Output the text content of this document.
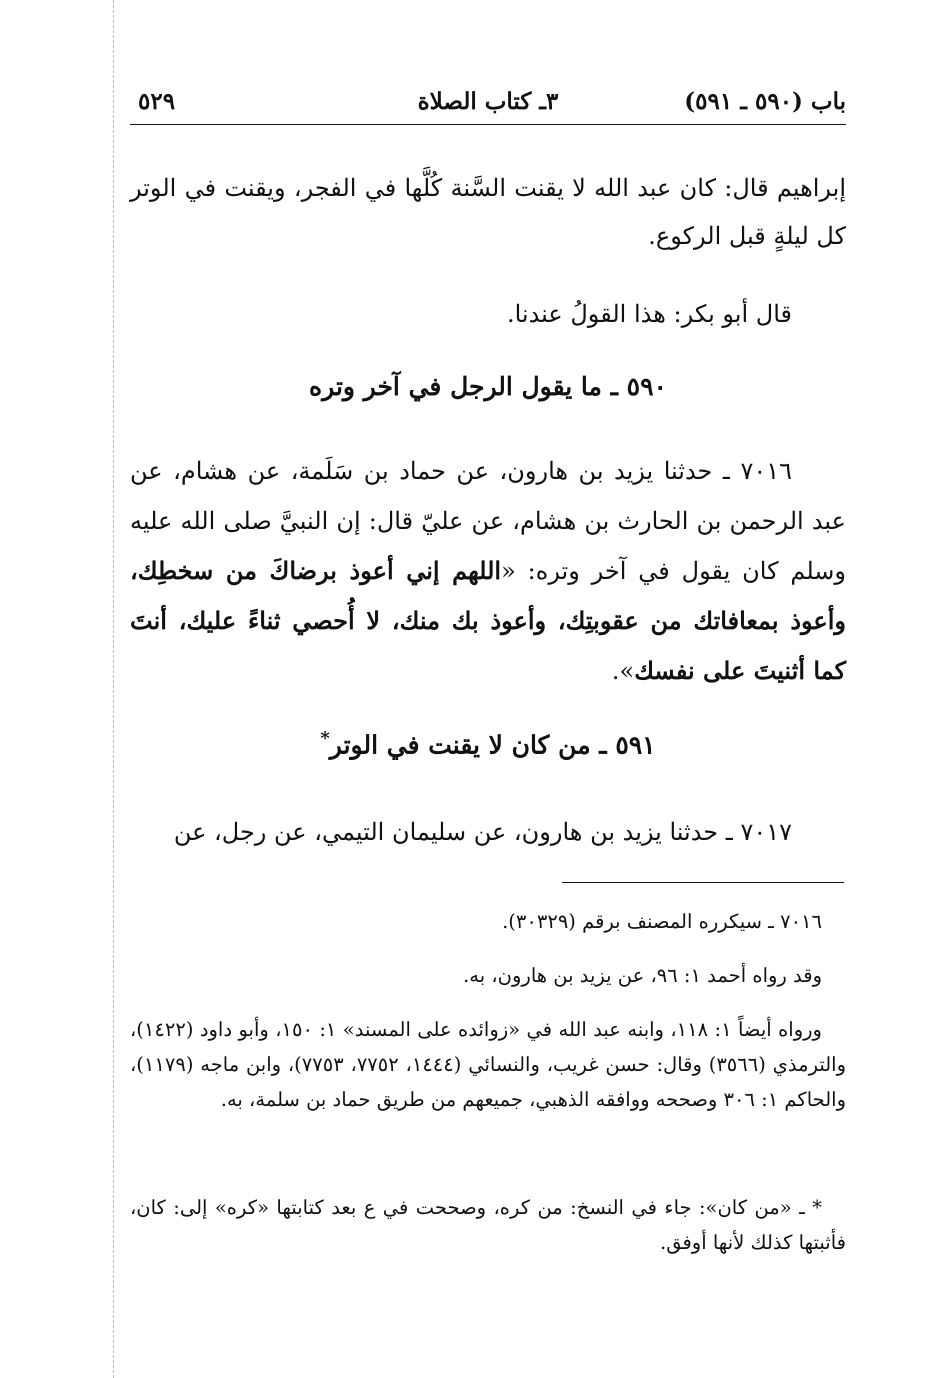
٥٢٩	٣ـ كتاب الصلاة	باب (٥٩٠ ـ ٥٩١)
إبراهيم قال: كان عبد الله لا يقنت السَّنة كُلَّها في الفجر، ويقنت في الوتر كل ليلةٍ قبل الركوع.
قال أبو بكر: هذا القولُ عندنا.
٥٩٠ ـ ما يقول الرجل في آخر وتره
٧٠١٦ ـ حدثنا يزيد بن هارون، عن حماد بن سَلَمة، عن هشام، عن عبد الرحمن بن الحارث بن هشام، عن عليّ قال: إن النبيَّ صلى الله عليه وسلم كان يقول في آخر وتره: «اللهم إني أعوذ برضاكَ من سخطِك، وأعوذ بمعافاتك من عقوبتِك، وأعوذ بك منك، لا أُحصي ثناءً عليك، أنتَ كما أثنيتَ على نفسك».
٥٩١ ـ من كان لا يقنت في الوتر*
٧٠١٧ ـ حدثنا يزيد بن هارون، عن سليمان التيمي، عن رجل، عن
٧٠١٦ ـ سيكرره المصنف برقم (٣٠٣٢٩).
وقد رواه أحمد ١: ٩٦، عن يزيد بن هارون، به.
ورواه أيضاً ١: ١١٨، وابنه عبد الله في «زوائده على المسند» ١: ١٥٠، وأبو داود (١٤٢٢)، والترمذي (٣٥٦٦) وقال: حسن غريب، والنسائي (١٤٤٤، ٧٧٥٢، ٧٧٥٣)، وابن ماجه (١١٧٩)، والحاكم ١: ٣٠٦ وصححه ووافقه الذهبي، جميعهم من طريق حماد بن سلمة، به.
* ـ «من كان»: جاء في النسخ: من كره، وصححت في ع بعد كتابتها «كره» إلى: كان، فأثبتها كذلك لأنها أوفق.
